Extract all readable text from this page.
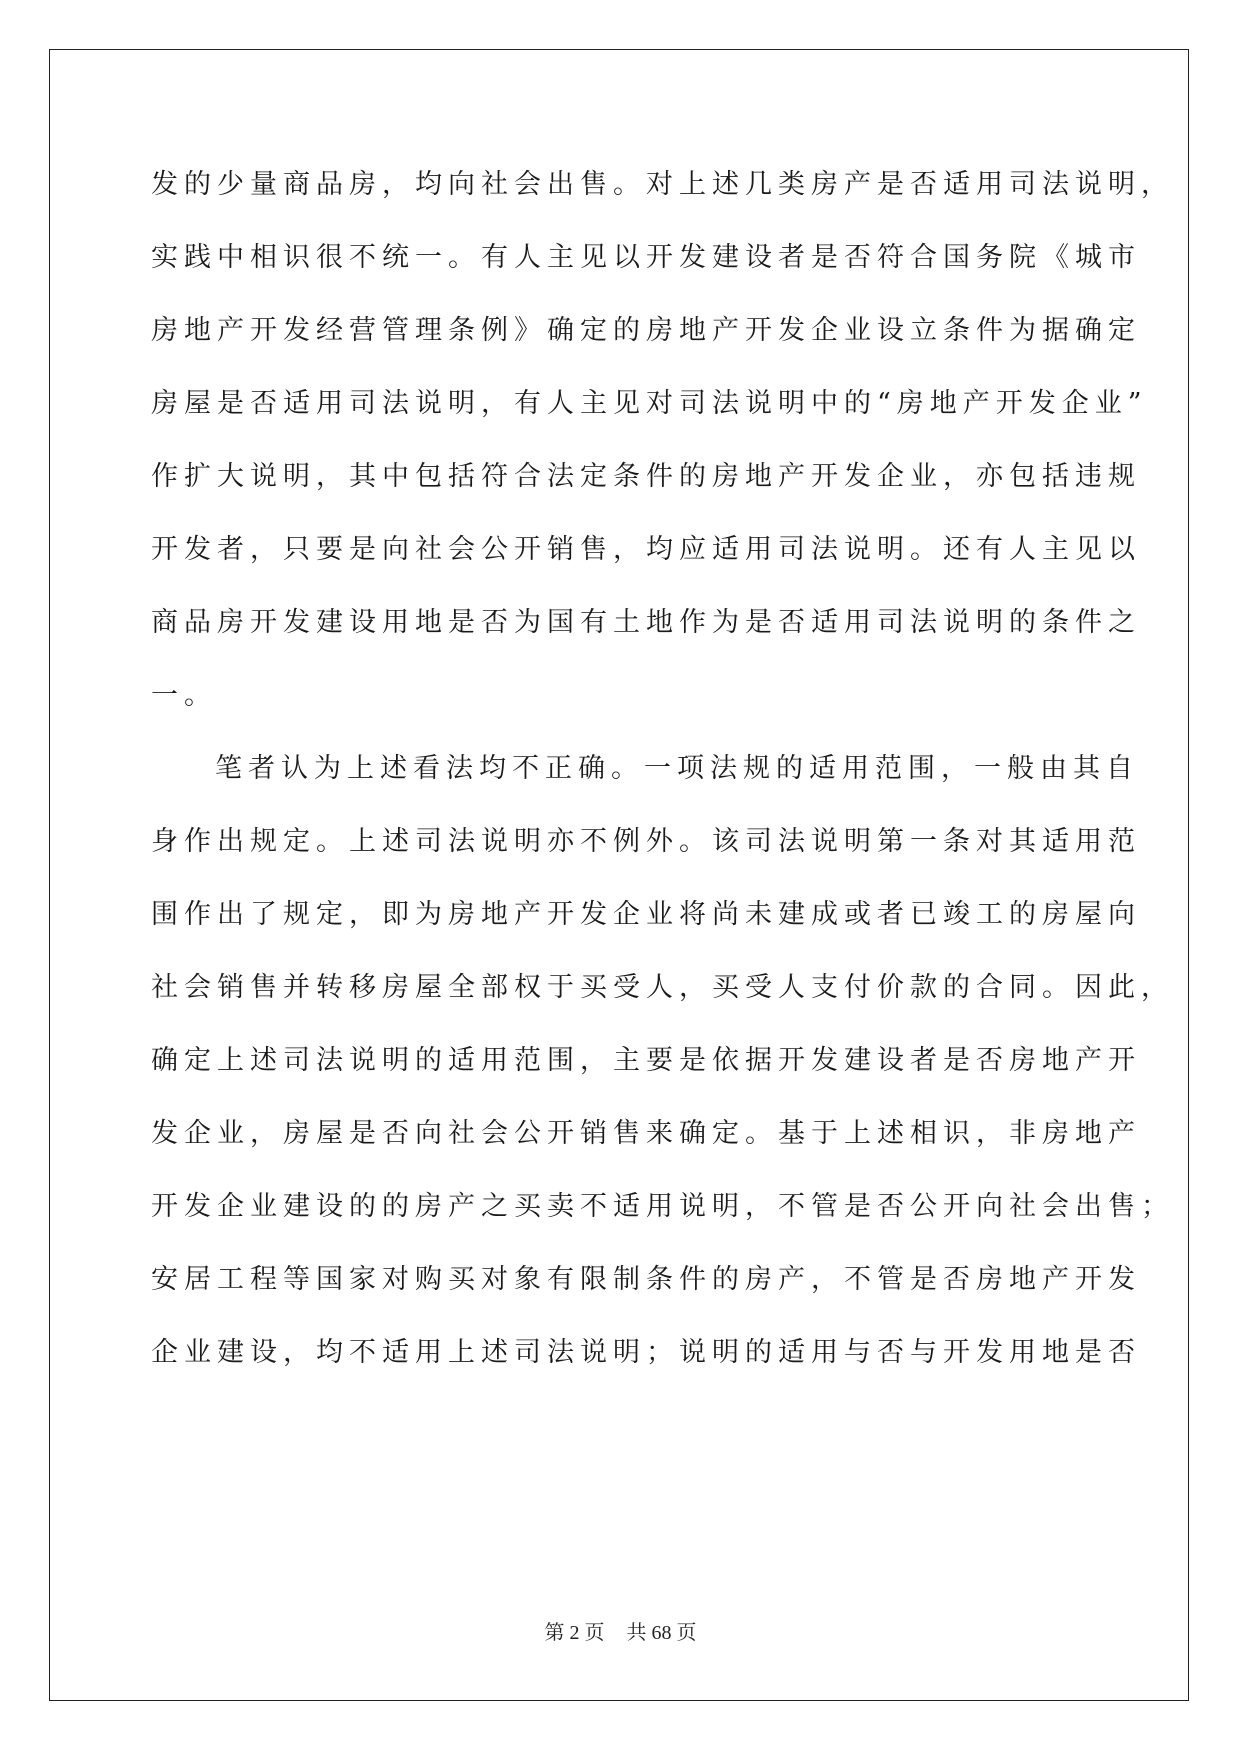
发的少量商品房，均向社会出售。对上述几类房产是否适用司法说明，
实践中相识很不统一。有人主见以开发建设者是否符合国务院《城市
房地产开发经营管理条例》确定的房地产开发企业设立条件为据确定
房屋是否适用司法说明，有人主见对司法说明中的“房地产开发企业”
作扩大说明，其中包括符合法定条件的房地产开发企业，亦包括违规
开发者，只要是向社会公开销售，均应适用司法说明。还有人主见以
商品房开发建设用地是否为国有土地作为是否适用司法说明的条件之
一。
笔者认为上述看法均不正确。一项法规的适用范围，一般由其自
身作出规定。上述司法说明亦不例外。该司法说明第一条对其适用范
围作出了规定，即为房地产开发企业将尚未建成或者已竣工的房屋向
社会销售并转移房屋全部权于买受人，买受人支付价款的合同。因此，
确定上述司法说明的适用范围，主要是依据开发建设者是否房地产开
发企业，房屋是否向社会公开销售来确定。基于上述相识，非房地产
开发企业建设的的房产之买卖不适用说明，不管是否公开向社会出售；
安居工程等国家对购买对象有限制条件的房产，不管是否房地产开发
企业建设，均不适用上述司法说明；说明的适用与否与开发用地是否
第 2 页 共 68 页
